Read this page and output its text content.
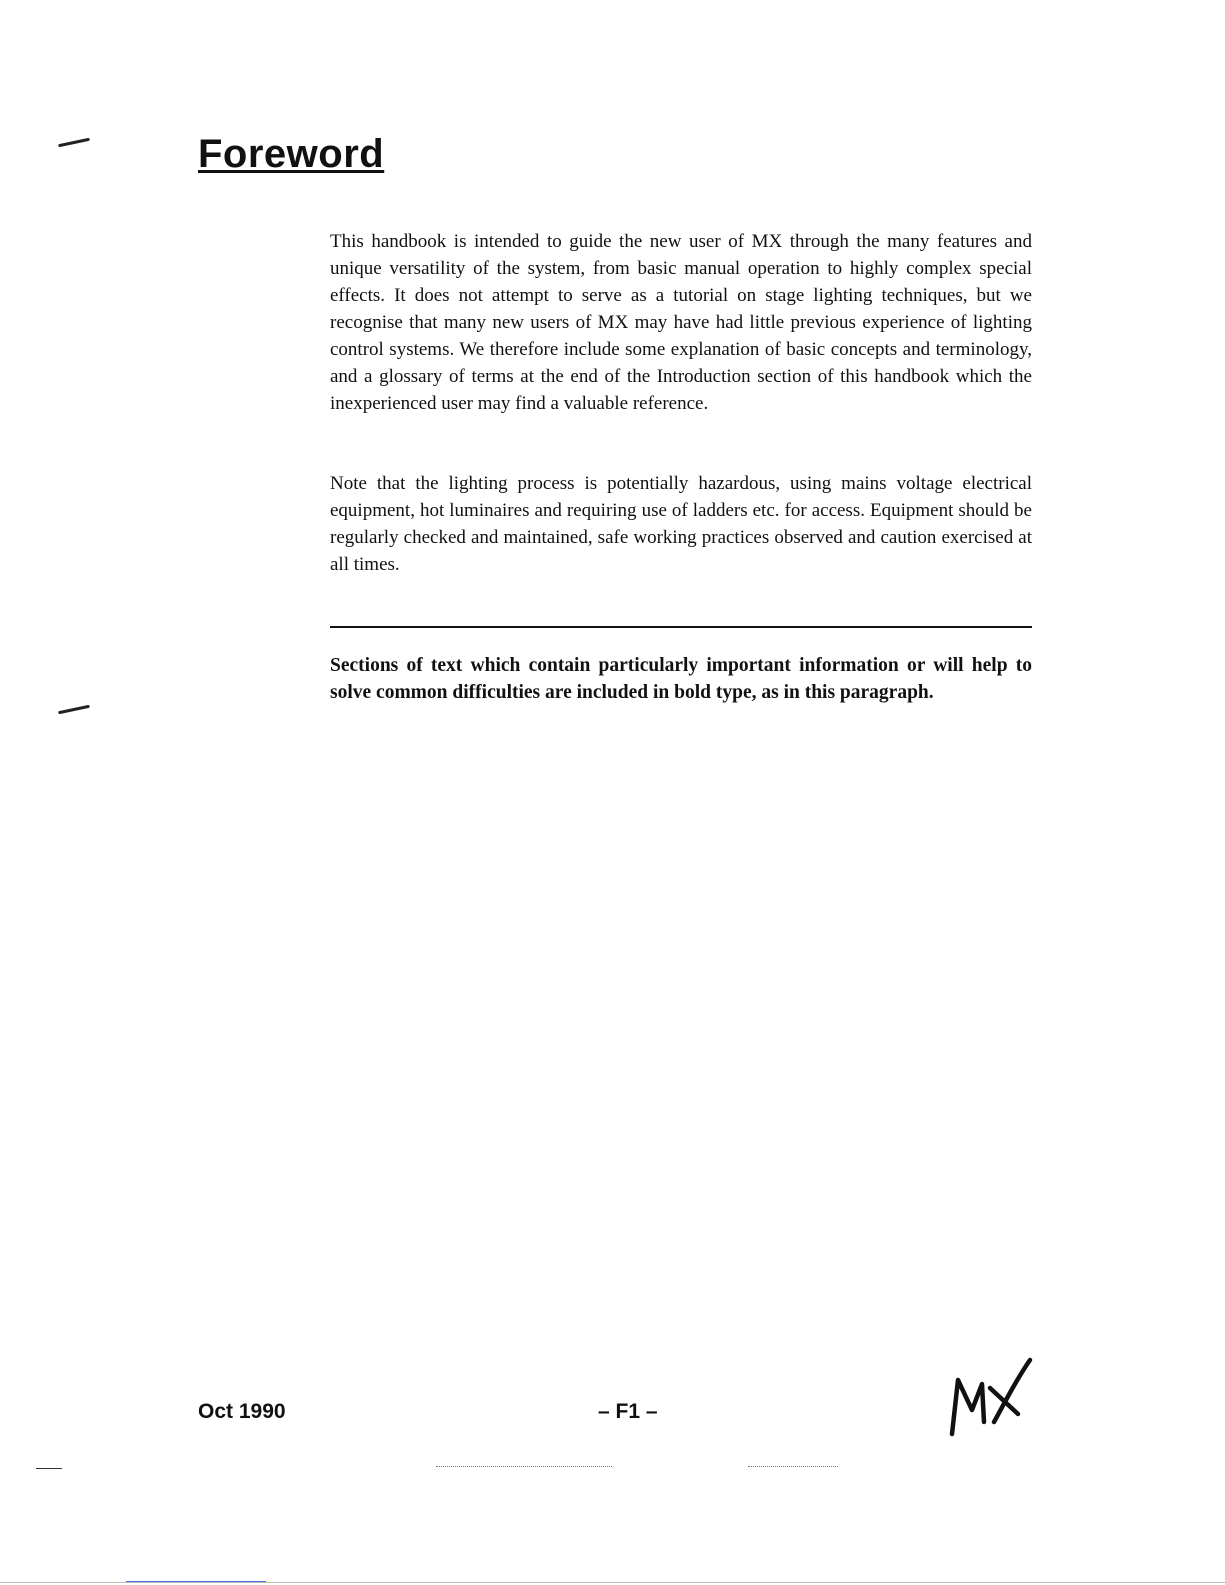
Foreword

This handbook is intended to guide the new user of MX through the many features and unique versatility of the system, from basic manual operation to highly complex special effects. It does not attempt to serve as a tutorial on stage lighting techniques, but we recognise that many new users of MX may have had little previous experience of lighting control systems. We therefore include some explanation of basic concepts and terminology, and a glossary of terms at the end of the Introduction section of this handbook which the inexperienced user may find a valuable reference.

Note that the lighting process is potentially hazardous, using mains voltage electrical equipment, hot luminaires and requiring use of ladders etc. for access. Equipment should be regularly checked and maintained, safe working practices observed and caution exercised at all times.

Sections of text which contain particularly important information or will help to solve common difficulties are included in bold type, as in this paragraph.

Oct 1990	– F1 –
